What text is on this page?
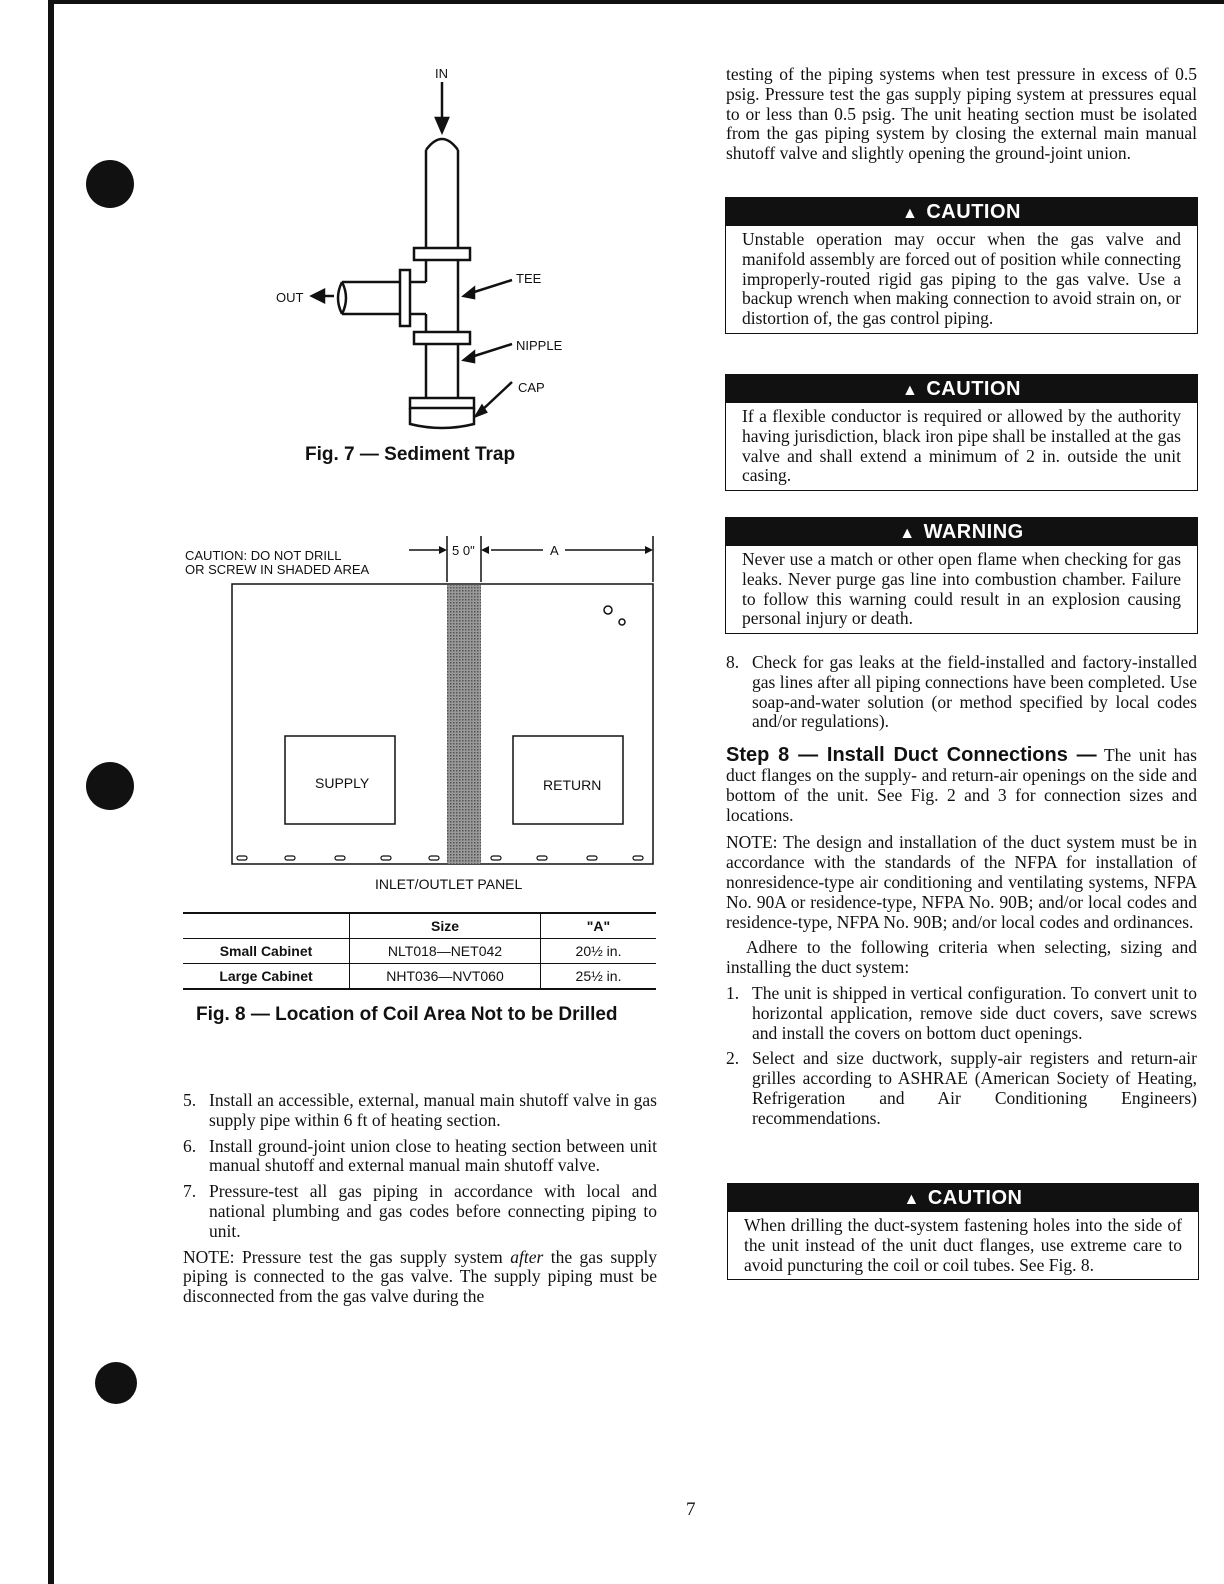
IN
OUT
TEE
NIPPLE
CAP
Fig. 7 — Sediment Trap
CAUTION: DO NOT DRILL
OR SCREW IN SHADED AREA
5 0"	A
SUPPLY	RETURN
INLET/OUTLET PANEL
	Size	"A"
Small Cabinet	NLT018—NET042	20½ in.
Large Cabinet	NHT036—NVT060	25½ in.
Fig. 8 — Location of Coil Area Not to be Drilled
5. Install an accessible, external, manual main shutoff valve in gas supply pipe within 6 ft of heating section.
6. Install ground-joint union close to heating section between unit manual shutoff and external manual main shutoff valve.
7. Pressure-test all gas piping in accordance with local and national plumbing and gas codes before connecting piping to unit.

NOTE: Pressure test the gas supply system after the gas supply piping is connected to the gas valve. The supply piping must be disconnected from the gas valve during the

testing of the piping systems when test pressure in excess of 0.5 psig. Pressure test the gas supply piping system at pressures equal to or less than 0.5 psig. The unit heating section must be isolated from the gas piping system by closing the external main manual shutoff valve and slightly opening the ground-joint union.
▲ CAUTION
Unstable operation may occur when the gas valve and manifold assembly are forced out of position while connecting improperly-routed rigid gas piping to the gas valve. Use a backup wrench when making connection to avoid strain on, or distortion of, the gas control piping.
▲ CAUTION
If a flexible conductor is required or allowed by the authority having jurisdiction, black iron pipe shall be installed at the gas valve and shall extend a minimum of 2 in. outside the unit casing.
▲ WARNING
Never use a match or other open flame when checking for gas leaks. Never purge gas line into combustion chamber. Failure to follow this warning could result in an explosion causing personal injury or death.
8. Check for gas leaks at the field-installed and factory-installed gas lines after all piping connections have been completed. Use soap-and-water solution (or method specified by local codes and/or regulations).

Step 8 — Install Duct Connections — The unit has duct flanges on the supply- and return-air openings on the side and bottom of the unit. See Fig. 2 and 3 for connection sizes and locations.

NOTE: The design and installation of the duct system must be in accordance with the standards of the NFPA for installation of nonresidence-type air conditioning and ventilating systems, NFPA No. 90A or residence-type, NFPA No. 90B; and/or local codes and residence-type, NFPA No. 90B; and/or local codes and ordinances.

Adhere to the following criteria when selecting, sizing and installing the duct system:

1. The unit is shipped in vertical configuration. To convert unit to horizontal application, remove side duct covers, save screws and install the covers on bottom duct openings.
2. Select and size ductwork, supply-air registers and return-air grilles according to ASHRAE (American Society of Heating, Refrigeration and Air Conditioning Engineers) recommendations.
▲ CAUTION
When drilling the duct-system fastening holes into the side of the unit instead of the unit duct flanges, use extreme care to avoid puncturing the coil or coil tubes. See Fig. 8.
7
